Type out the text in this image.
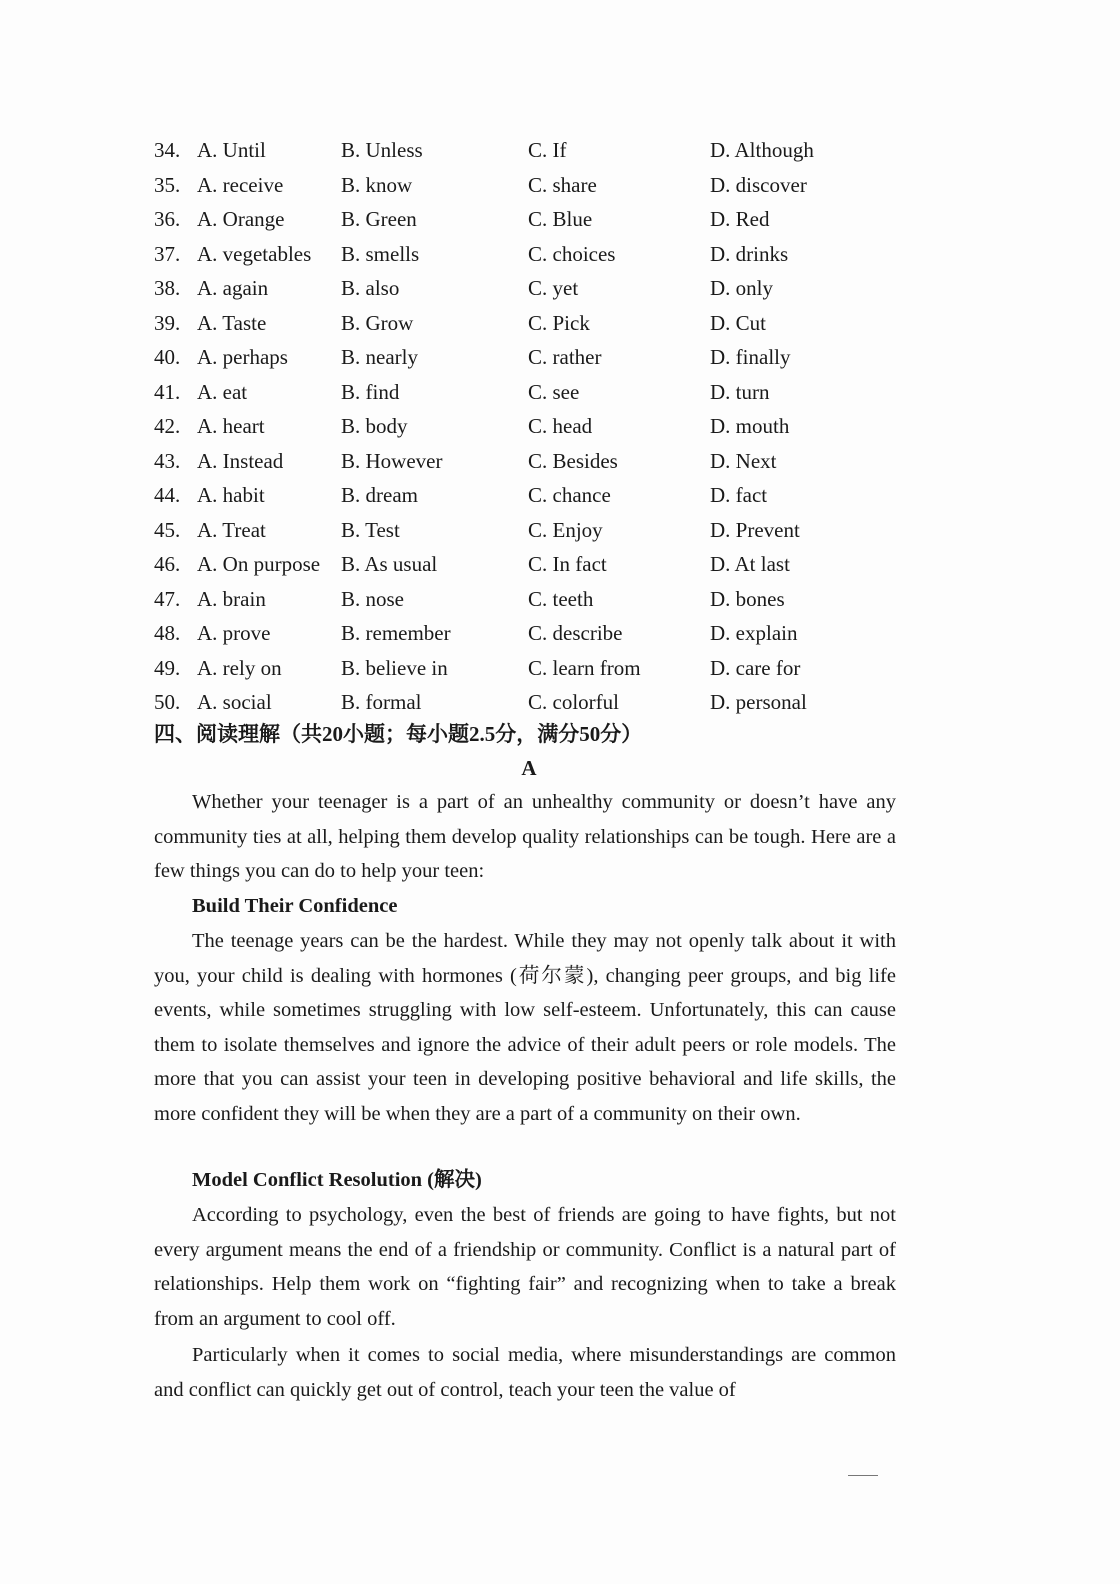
34. A. Until	B. Unless	C. If	D. Although
35. A. receive	B. know	C. share	D. discover
36. A. Orange	B. Green	C. Blue	D. Red
37. A. vegetables B. smells	C. choices	D. drinks
38. A. again	B. also	C. yet	D. only
39. A. Taste	B. Grow	C. Pick	D. Cut
40. A. perhaps	B. nearly	C. rather	D. finally
41. A. eat	B. find	C. see	D. turn
42. A. heart	B. body	C. head	D. mouth
43. A. Instead	B. However	C. Besides	D. Next
44. A. habit	B. dream	C. chance	D. fact
45. A. Treat	B. Test	C. Enjoy	D. Prevent
46. A. On purpose B. As usual	C. In fact	D. At last
47. A. brain	B. nose	C. teeth	D. bones
48. A. prove	B. remember	C. describe	D. explain
49. A. rely on	B. believe in	C. learn from	D. care for
50. A. social	B. formal	C. colorful	D. personal
四、阅读理解（共20小题；每小题2.5分，满分50分）
A
Whether your teenager is a part of an unhealthy community or doesn’t have any community ties at all, helping them develop quality relationships can be tough. Here are a few things you can do to help your teen:
Build Their Confidence
The teenage years can be the hardest. While they may not openly talk about it with you, your child is dealing with hormones (荷尔蒙), changing peer groups, and big life events, while sometimes struggling with low self-esteem. Unfortunately, this can cause them to isolate themselves and ignore the advice of their adult peers or role models. The more that you can assist your teen in developing positive behavioral and life skills, the more confident they will be when they are a part of a community on their own.
Model Conflict Resolution (解决)
According to psychology, even the best of friends are going to have fights, but not every argument means the end of a friendship or community. Conflict is a natural part of relationships. Help them work on “fighting fair” and recognizing when to take a break from an argument to cool off.
Particularly when it comes to social media, where misunderstandings are common and conflict can quickly get out of control, teach your teen the value of
